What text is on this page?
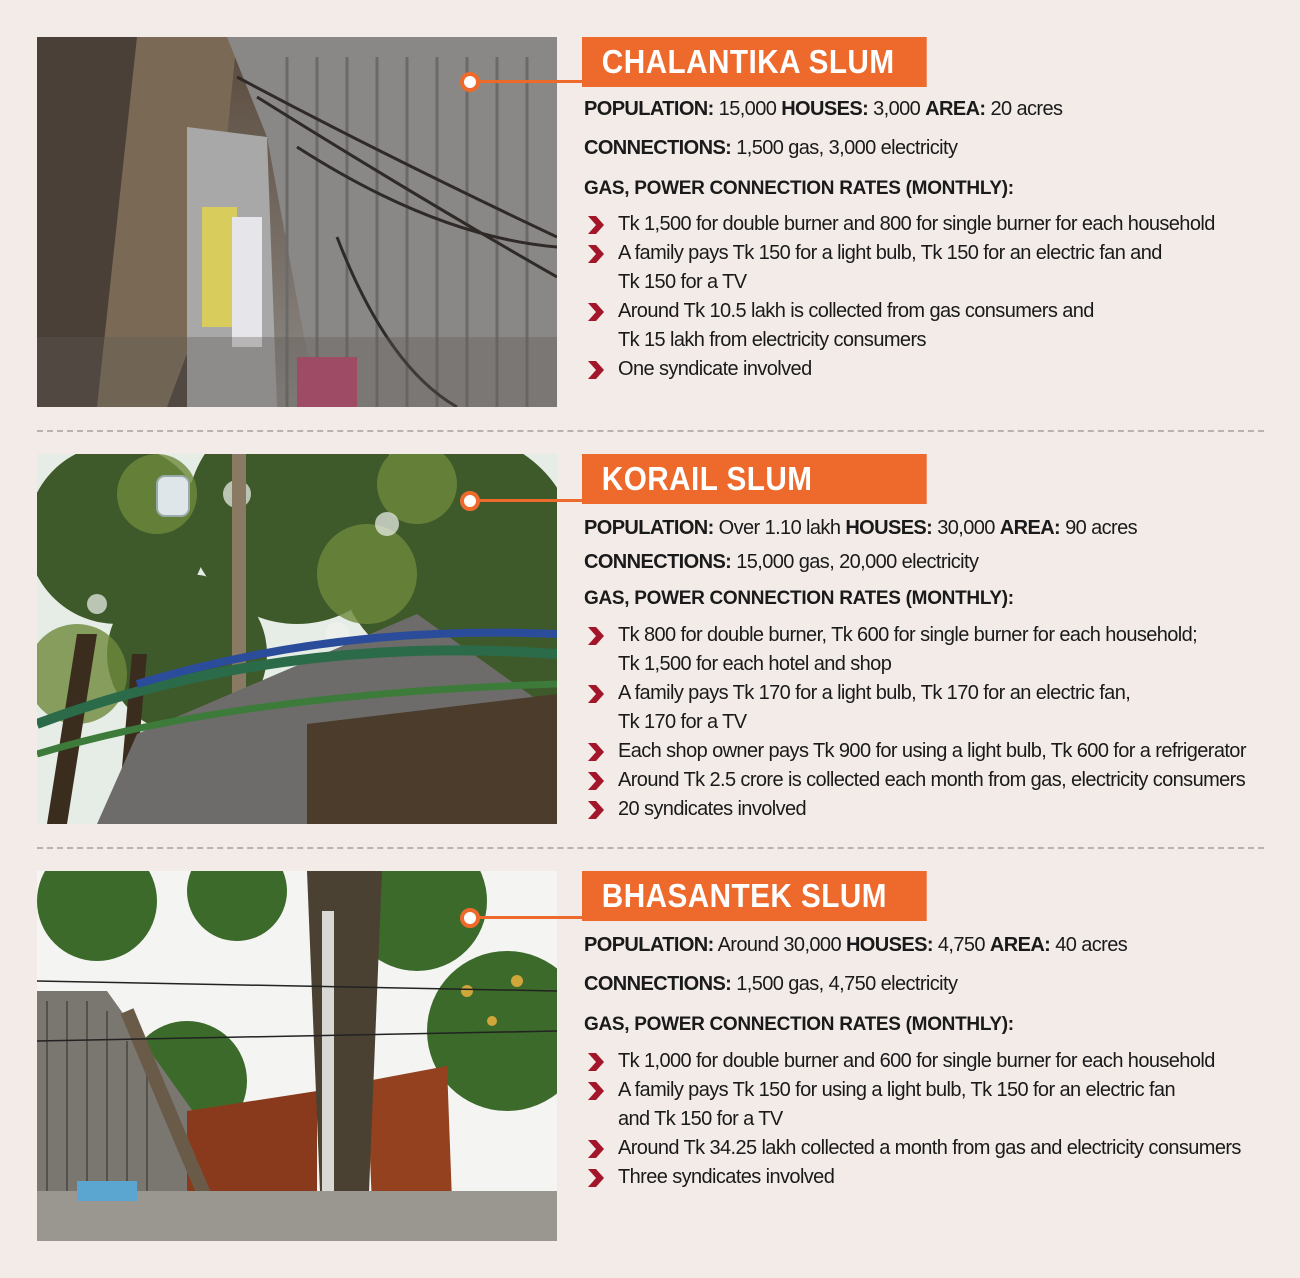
CHALANTIKA SLUM
POPULATION: 15,000 HOUSES: 3,000 AREA: 20 acres
CONNECTIONS: 1,500 gas, 3,000 electricity
GAS, POWER CONNECTION RATES (MONTHLY):
Tk 1,500 for double burner and 800 for single burner for each household
A family pays Tk 150 for a light bulb, Tk 150 for an electric fan and
Tk 150 for a TV
Around Tk 10.5 lakh is collected from gas consumers and
Tk 15 lakh from electricity consumers
One syndicate involved
KORAIL SLUM
POPULATION: Over 1.10 lakh HOUSES: 30,000 AREA: 90 acres
CONNECTIONS: 15,000 gas, 20,000 electricity
GAS, POWER CONNECTION RATES (MONTHLY):
Tk 800 for double burner, Tk 600 for single burner for each household;
Tk 1,500 for each hotel and shop
A family pays Tk 170 for a light bulb, Tk 170 for an electric fan,
Tk 170 for a TV
Each shop owner pays Tk 900 for using a light bulb, Tk 600 for a refrigerator
Around Tk 2.5 crore is collected each month from gas, electricity consumers
20 syndicates involved
BHASANTEK SLUM
POPULATION: Around 30,000 HOUSES: 4,750 AREA: 40 acres
CONNECTIONS: 1,500 gas, 4,750 electricity
GAS, POWER CONNECTION RATES (MONTHLY):
Tk 1,000 for double burner and 600 for single burner for each household
A family pays Tk 150 for using a light bulb, Tk 150 for an electric fan
and Tk 150 for a TV
Around Tk 34.25 lakh collected a month from gas and electricity consumers
Three syndicates involved
